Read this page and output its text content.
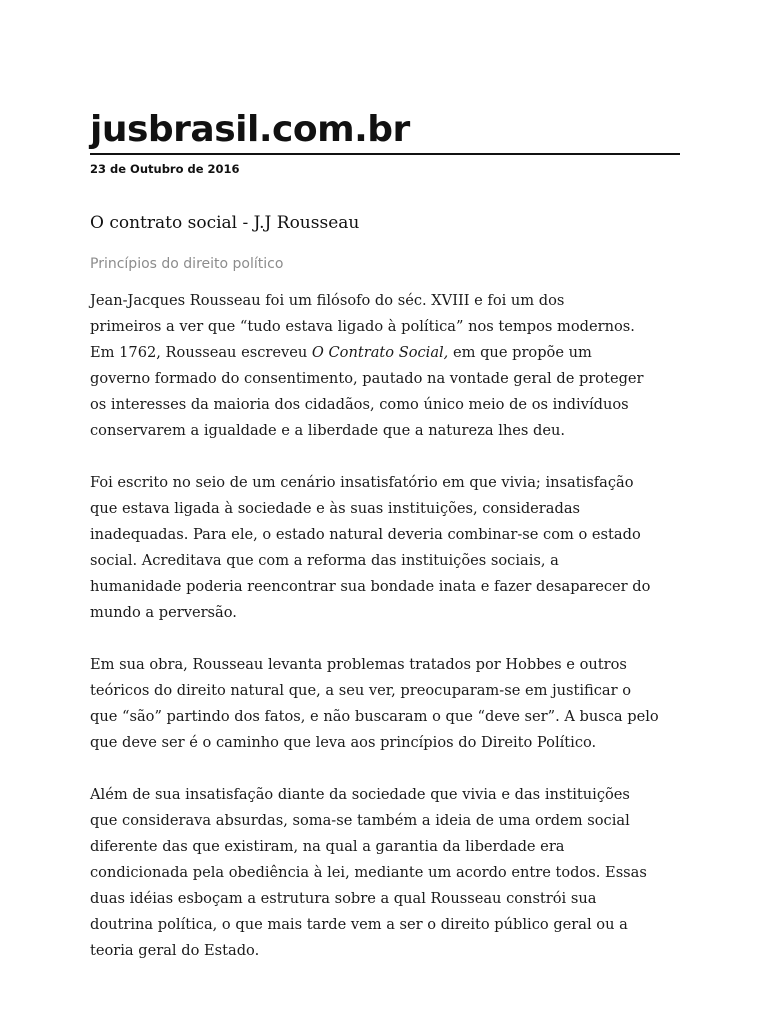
jusbrasil.com.br
23 de Outubro de 2016
O contrato social - J.J Rousseau
Princípios do direito político

Jean-Jacques Rousseau foi um filósofo do séc. XVIII e foi um dos
primeiros a ver que “tudo estava ligado à política” nos tempos modernos.
Em 1762, Rousseau escreveu O Contrato Social, em que propõe um
governo formado do consentimento, pautado na vontade geral de proteger
os interesses da maioria dos cidadãos, como único meio de os indivíduos
conservarem a igualdade e a liberdade que a natureza lhes deu.

Foi escrito no seio de um cenário insatisfatório em que vivia; insatisfação
que estava ligada à sociedade e às suas instituições, consideradas
inadequadas. Para ele, o estado natural deveria combinar-se com o estado
social. Acreditava que com a reforma das instituições sociais, a
humanidade poderia reencontrar sua bondade inata e fazer desaparecer do
mundo a perversão.

Em sua obra, Rousseau levanta problemas tratados por Hobbes e outros
teóricos do direito natural que, a seu ver, preocuparam-se em justificar o
que “são” partindo dos fatos, e não buscaram o que “deve ser”. A busca pelo
que deve ser é o caminho que leva aos princípios do Direito Político.

Além de sua insatisfação diante da sociedade que vivia e das instituições
que considerava absurdas, soma-se também a ideia de uma ordem social
diferente das que existiram, na qual a garantia da liberdade era
condicionada pela obediência à lei, mediante um acordo entre todos. Essas
duas idéias esboçam a estrutura sobre a qual Rousseau constrói sua
doutrina política, o que mais tarde vem a ser o direito público geral ou a
teoria geral do Estado.
